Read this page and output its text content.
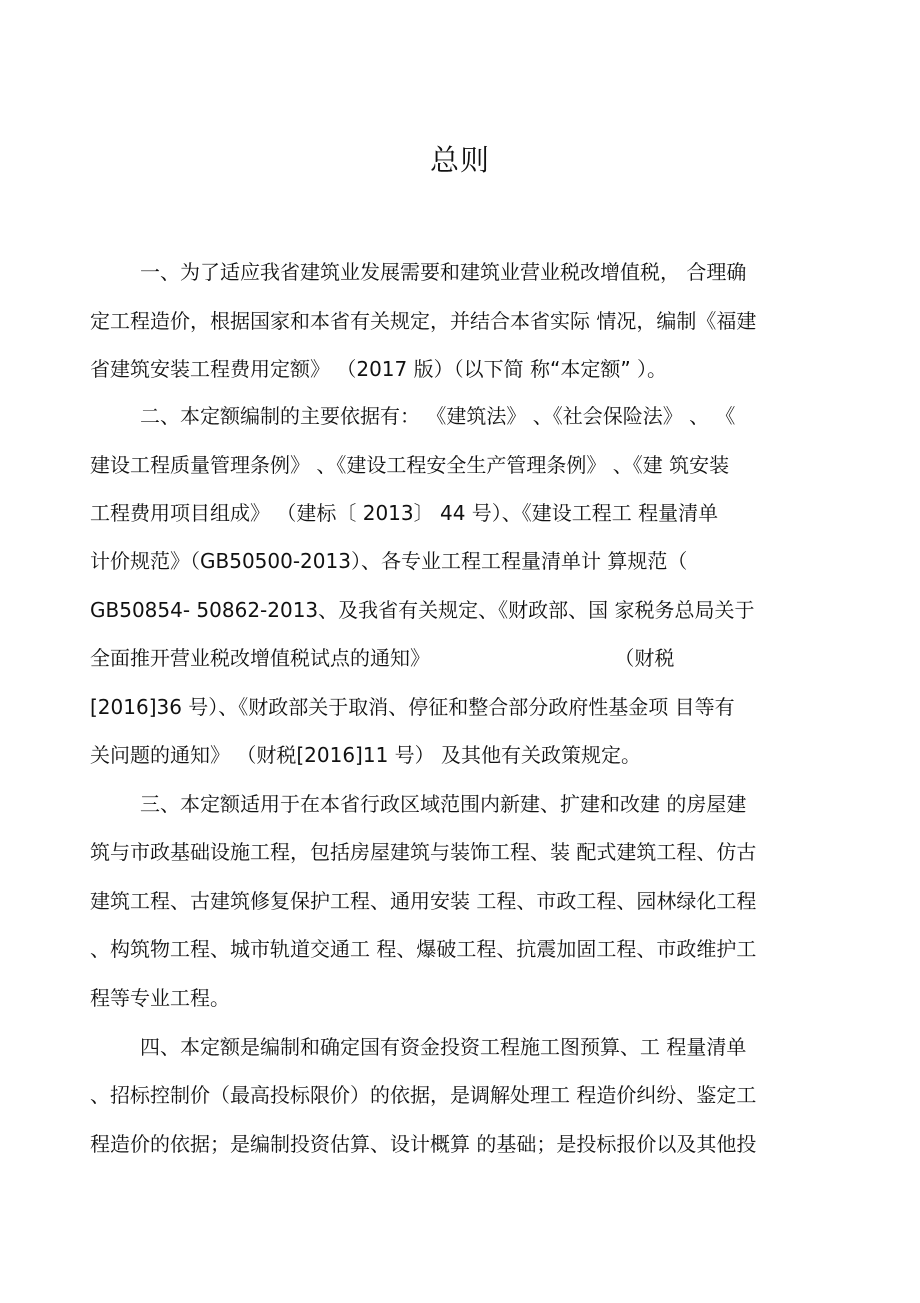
总则
一、为了适应我省建筑业发展需要和建筑业营业税改增值税， 合理确
定工程造价，根据国家和本省有关规定，并结合本省实际 情况，编制《福建
省建筑安装工程费用定额》 （2017 版）（以下简 称“本定额” ）。
二、本定额编制的主要依据有： 《建筑法》 、《社会保险法》 、 《
建设工程质量管理条例》 、《建设工程安全生产管理条例》 、《建 筑安装
工程费用项目组成》 （建标〔 2013〕 44 号）、《建设工程工 程量清单
计价规范》（GB50500-2013）、各专业工程工程量清单计 算规范（
GB50854- 50862-2013、及我省有关规定、《财政部、国 家税务总局关于
全面推开营业税改增值税试点的通知》                             （财税
[2016]36 号）、《财政部关于取消、停征和整合部分政府性基金项 目等有
关问题的通知》 （财税[2016]11 号） 及其他有关政策规定。
三、本定额适用于在本省行政区域范围内新建、扩建和改建 的房屋建
筑与市政基础设施工程，包括房屋建筑与装饰工程、装 配式建筑工程、仿古
建筑工程、古建筑修复保护工程、通用安装 工程、市政工程、园林绿化工程
、构筑物工程、城市轨道交通工 程、爆破工程、抗震加固工程、市政维护工
程等专业工程。
四、本定额是编制和确定国有资金投资工程施工图预算、工 程量清单
、招标控制价（最高投标限价）的依据，是调解处理工 程造价纠纷、鉴定工
程造价的依据；是编制投资估算、设计概算 的基础；是投标报价以及其他投
